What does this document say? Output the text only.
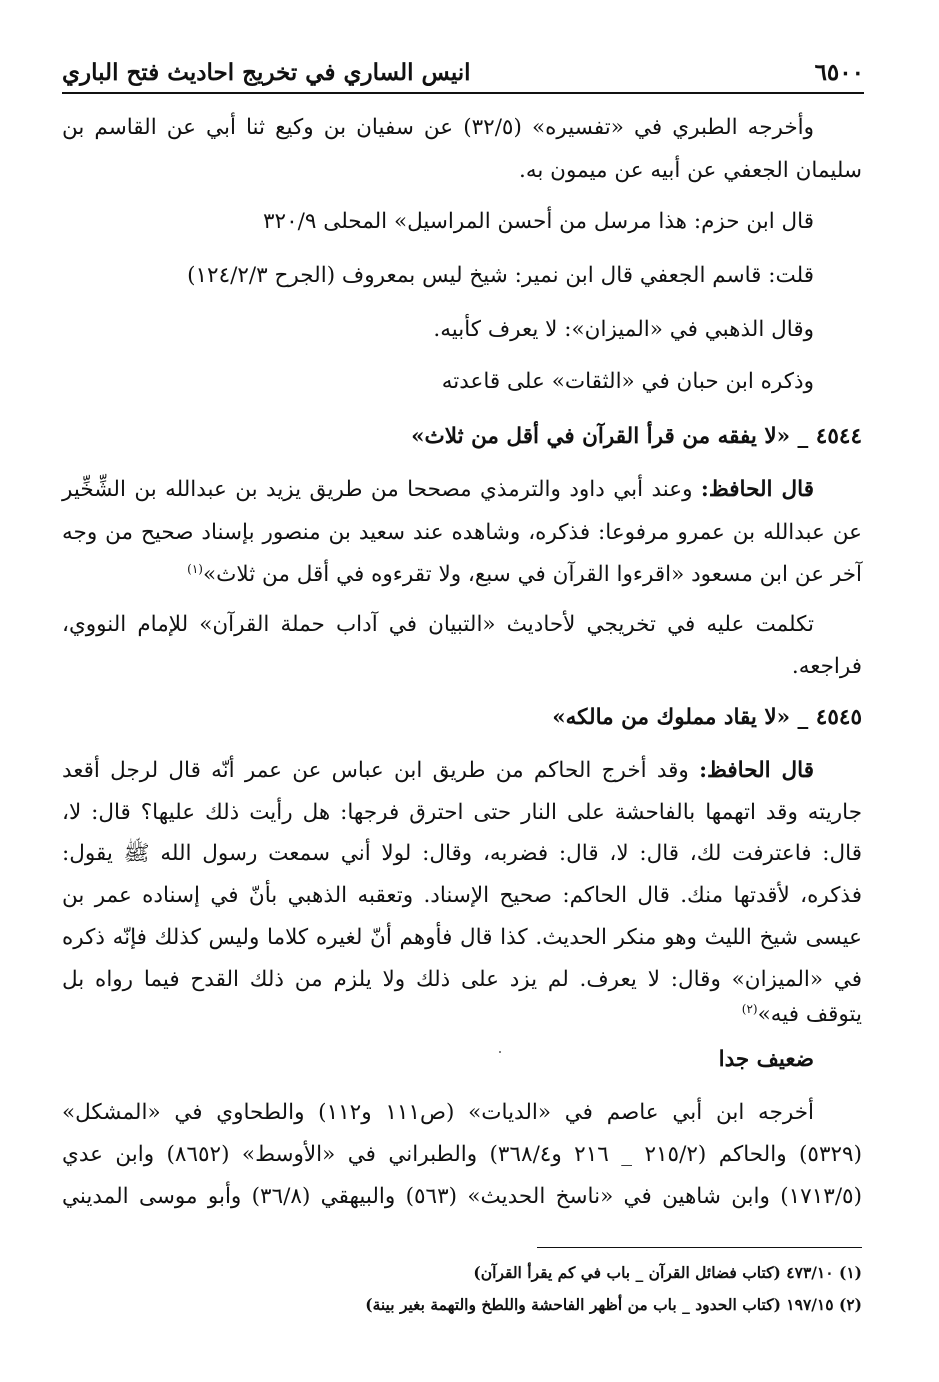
٦٥٠٠
انيس الساري في تخريج احاديث فتح الباري
وأخرجه الطبري في «تفسيره» (٣٢/٥) عن سفيان بن وكيع ثنا أبي عن القاسم بن
سليمان الجعفي عن أبيه عن ميمون به.
قال ابن حزم: هذا مرسل من أحسن المراسيل» المحلى ٣٢٠/٩
قلت: قاسم الجعفي قال ابن نمير: شيخ ليس بمعروف (الجرح ١٢٤/٢/٣)
وقال الذهبي في «الميزان»: لا يعرف كأبيه.
وذكره ابن حبان في «الثقات» على قاعدته
٤٥٤٤ _ «لا يفقه من قرأ القرآن في أقل من ثلاث»
قال الحافظ: وعند أبي داود والترمذي مصححا من طريق يزيد بن عبدالله بن الشِّخِّير
عن عبدالله بن عمرو مرفوعا: فذكره، وشاهده عند سعيد بن منصور بإسناد صحيح من وجه
آخر عن ابن مسعود «اقرءوا القرآن في سبع، ولا تقرءوه في أقل من ثلاث»$^{(١)}$
تكلمت عليه في تخريجي لأحاديث «التبيان في آداب حملة القرآن» للإمام النووي،
فراجعه.
٤٥٤٥ _ «لا يقاد مملوك من مالكه»
قال الحافظ: وقد أخرج الحاكم من طريق ابن عباس عن عمر أنّه قال لرجل أقعد
جاريته وقد اتهمها بالفاحشة على النار حتى احترق فرجها: هل رأيت ذلك عليها؟ قال: لا،
قال: فاعترفت لك، قال: لا، قال: فضربه، وقال: لولا أني سمعت رسول الله ﷺ يقول:
فذكره، لأقدتها منك. قال الحاكم: صحيح الإسناد. وتعقبه الذهبي بأنّ في إسناده عمر بن
عيسى شيخ الليث وهو منكر الحديث. كذا قال فأوهم أنّ لغيره كلاما وليس كذلك فإنّه ذكره
في «الميزان» وقال: لا يعرف. لم يزد على ذلك ولا يلزم من ذلك القدح فيما رواه بل
يتوقف فيه»$^{(٢)}$
ضعيف جدا
أخرجه ابن أبي عاصم في «الديات» (ص١١١ و١١٢) والطحاوي في «المشكل»
(٥٣٢٩) والحاكم (٢١٥/٢ _ ٢١٦ و٣٦٨/٤) والطبراني في «الأوسط» (٨٦٥٢) وابن عدي
(١٧١٣/٥) وابن شاهين في «ناسخ الحديث» (٥٦٣) والبيهقي (٣٦/٨) وأبو موسى المديني
(١) ٤٧٣/١٠ (كتاب فضائل القرآن _ باب في كم يقرأ القرآن)
(٢) ١٩٧/١٥ (كتاب الحدود _ باب من أظهر الفاحشة واللطخ والتهمة بغير بينة)
